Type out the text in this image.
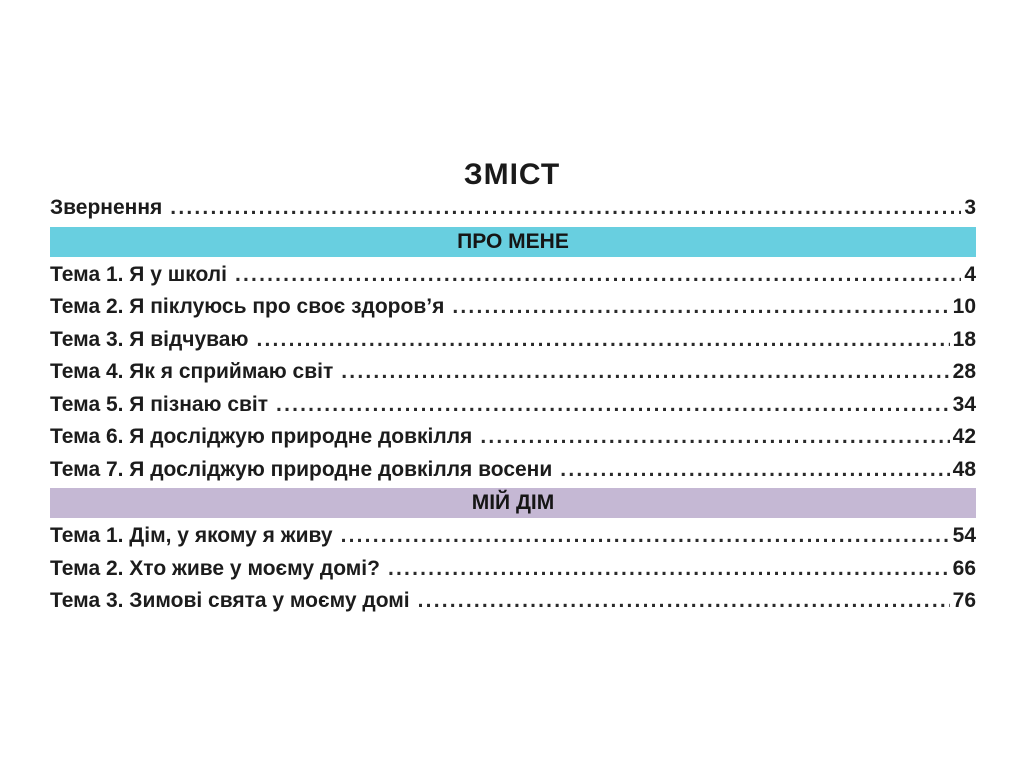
ЗМІСТ
Звернення .....	3
ПРО МЕНЕ
Тема 1. Я у школі .....	4
Тема 2. Я піклуюсь про своє здоров’я .....	10
Тема 3. Я відчуваю .....	18
Тема 4. Як я сприймаю світ .....	28
Тема 5. Я пізнаю світ .....	34
Тема 6. Я досліджую природне довкілля .....	42
Тема 7. Я досліджую природне довкілля восени .....	48
МІЙ ДІМ
Тема 1. Дім, у якому я живу .....	54
Тема 2. Хто живе у моєму домі? .....	66
Тема 3. Зимові свята у моєму домі .....	76
